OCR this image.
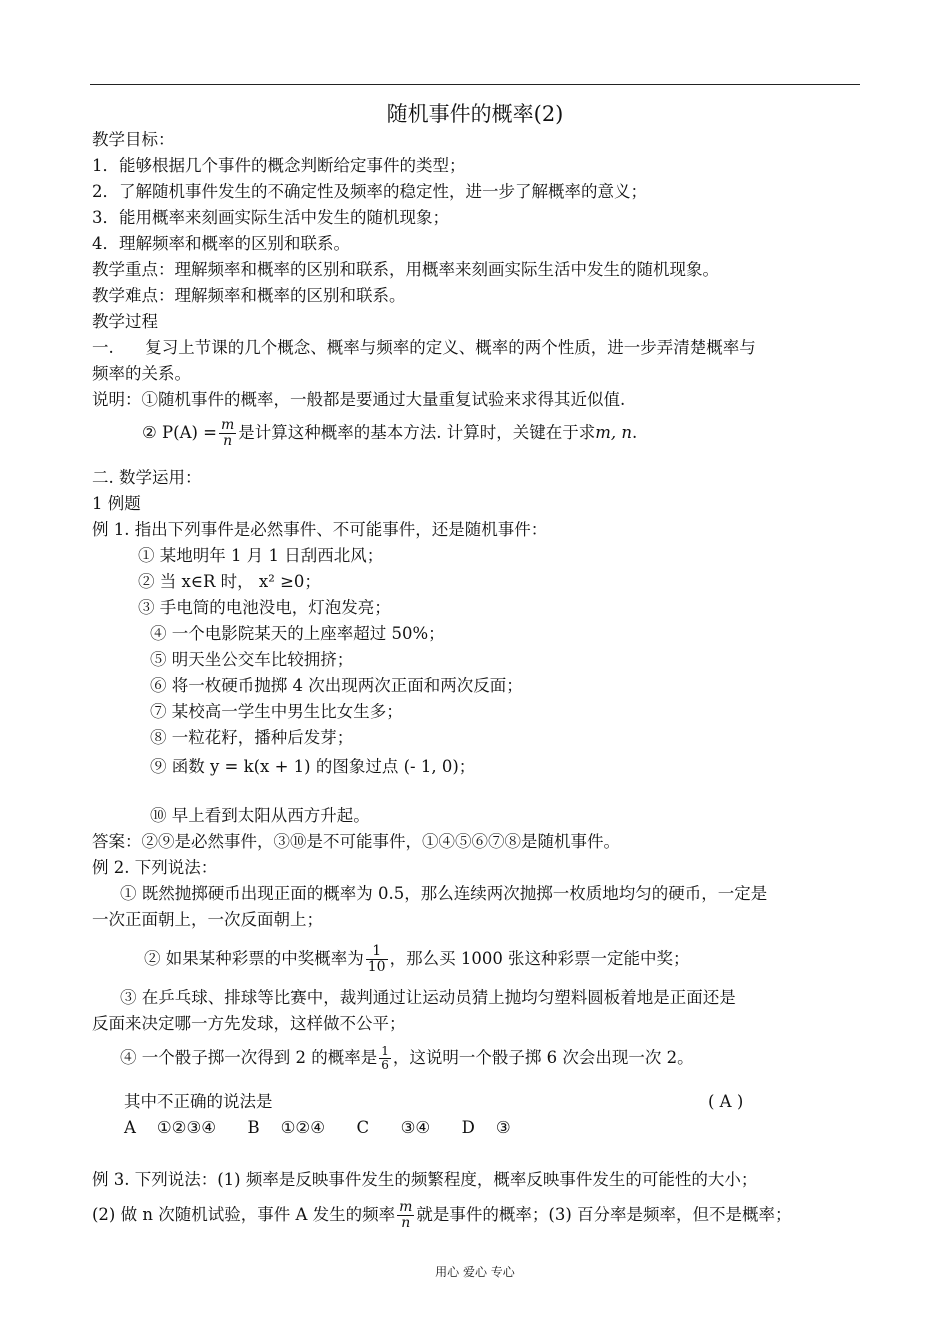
随机事件的概率(2)
教学目标：
1．能够根据几个事件的概念判断给定事件的类型；
2．了解随机事件发生的不确定性及频率的稳定性，进一步了解概率的意义；
3．能用概率来刻画实际生活中发生的随机现象；
4．理解频率和概率的区别和联系。
教学重点：理解频率和概率的区别和联系，用概率来刻画实际生活中发生的随机现象。
教学难点：理解频率和概率的区别和联系。
教学过程
一.      复习上节课的几个概念、概率与频率的定义、概率的两个性质，进一步弄清楚概率与
频率的关系。
说明：①随机事件的概率，一般都是要通过大量重复试验来求得其近似值.
② $P(A) = \frac{m}{n}$ 是计算这种概率的基本方法. 计算时，关键在于求m, n.
二. 数学运用：
1 例题
例 1. 指出下列事件是必然事件、不可能事件，还是随机事件：
① 某地明年 1 月 1 日刮西北风；
② 当 x∈R 时， x² ≥0；
③ 手电筒的电池没电，灯泡发亮；
④ 一个电影院某天的上座率超过 50%；
⑤ 明天坐公交车比较拥挤；
⑥ 将一枚硬币抛掷 4 次出现两次正面和两次反面；
⑦ 某校高一学生中男生比女生多；
⑧ 一粒花籽，播种后发芽；
⑨ 函数 y = k(x + 1) 的图象过点 (- 1, 0)；
⑩ 早上看到太阳从西方升起。
答案：②⑨是必然事件，③⑩是不可能事件，①④⑤⑥⑦⑧是随机事件。
例 2. 下列说法：
① 既然抛掷硬币出现正面的概率为 0.5，那么连续两次抛掷一枚质地均匀的硬币，一定是
一次正面朝上，一次反面朝上；
② 如果某种彩票的中奖概率为 $\frac{1}{10}$ ，那么买 1000 张这种彩票一定能中奖；
③ 在乒乓球、排球等比赛中，裁判通过让运动员猜上抛均匀塑料圆板着地是正面还是
反面来决定哪一方先发球，这样做不公平；
④ 一个骰子掷一次得到 2 的概率是 $\frac{1}{6}$ ，这说明一个骰子掷 6 次会出现一次 2。
其中不正确的说法是	( A )
A    ①②③④      B    ①②④      C      ③④      D    ③
例 3. 下列说法：(1) 频率是反映事件发生的频繁程度，概率反映事件发生的可能性的大小；
(2) 做 n 次随机试验，事件 A 发生的频率 $\frac{m}{n}$ 就是事件的概率；(3) 百分率是频率，但不是概率；
用心 爱心 专心
